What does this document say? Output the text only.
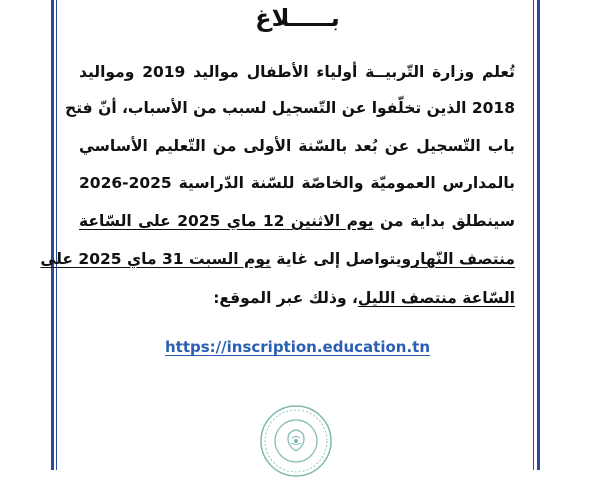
بـــــلاغ
تُعلم وزارة التّربيــة أولياء الأطفال مواليد 2019 ومواليد
2018 الذين تخلّفوا عن التّسجيل لسبب من الأسباب، أنّ فتح
باب التّسجيل عن بُعد بالسّنة الأولى من التّعليم الأساسي
بالمدارس العموميّة والخاصّة للسّنة الدّراسية 2025-2026
سينطلق بداية من يوم الاثنين 12 ماي 2025 على السّاعة
منتصف النّهارويتواصل إلى غاية يوم السبت 31 ماي 2025 على
السّاعة منتصف الليل، وذلك عبر الموقع:
https://inscription.education.tn
